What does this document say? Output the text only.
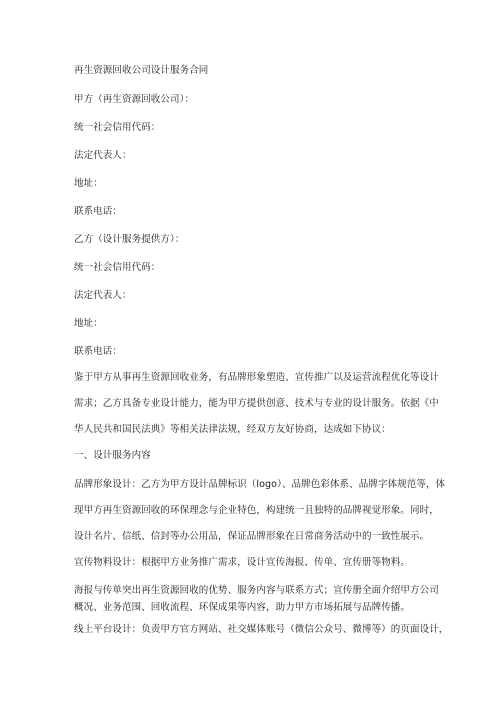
再生资源回收公司设计服务合同

甲方（再生资源回收公司）：

统一社会信用代码：

法定代表人：

地址：

联系电话：

乙方（设计服务提供方）：

统一社会信用代码：

法定代表人：

地址：

联系电话：

鉴于甲方从事再生资源回收业务，有品牌形象塑造、宣传推广以及运营流程优化等设计
需求；乙方具备专业设计能力，能为甲方提供创意、技术与专业的设计服务。依据《中
华人民共和国民法典》等相关法律法规，经双方友好协商，达成如下协议：

一、设计服务内容

品牌形象设计：乙方为甲方设计品牌标识（logo）、品牌色彩体系、品牌字体规范等，体
现甲方再生资源回收的环保理念与企业特色，构建统一且独特的品牌视觉形象。同时，
设计名片、信纸、信封等办公用品，保证品牌形象在日常商务活动中的一致性展示。

宣传物料设计：根据甲方业务推广需求，设计宣传海报、传单、宣传册等物料。

海报与传单突出再生资源回收的优势、服务内容与联系方式；宣传册全面介绍甲方公司
概况、业务范围、回收流程、环保成果等内容，助力甲方市场拓展与品牌传播。

线上平台设计：负责甲方官方网站、社交媒体账号（微信公众号、微博等）的页面设计，
